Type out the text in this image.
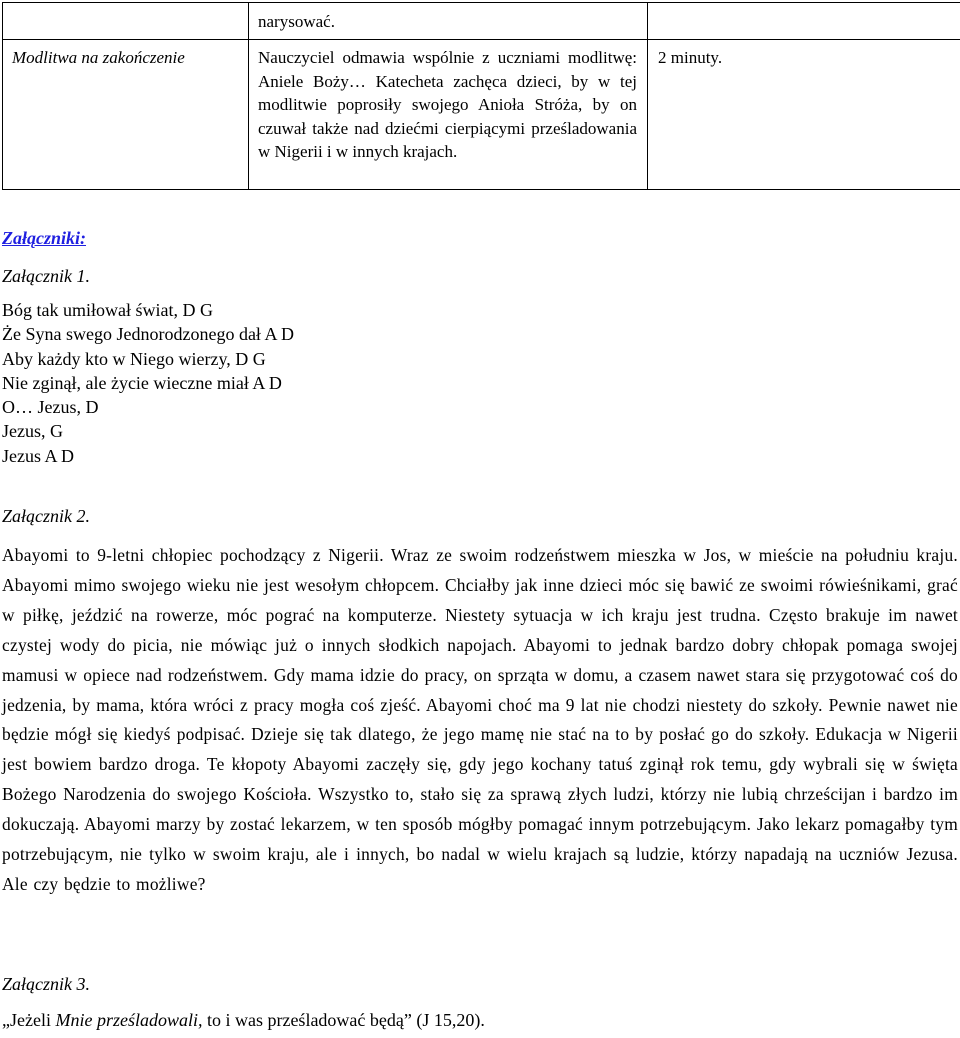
	narysować.	

Modlitwa na zakończenie	Nauczyciel odmawia wspólnie z uczniami modlitwę: Aniele Boży… Katecheta zachęca dzieci, by w tej modlitwie poprosiły swojego Anioła Stróża, by on czuwał także nad dziećmi cierpiącymi prześladowania w Nigerii i w innych krajach.	2 minuty.
Załączniki:
Załącznik 1.
Bóg tak umiłował świat, D G
Że Syna swego Jednorodzonego dał A D
Aby każdy kto w Niego wierzy, D G
Nie zginął, ale życie wieczne miał A D
O… Jezus, D
Jezus, G
Jezus A D
Załącznik 2.
Abayomi to 9-letni chłopiec pochodzący z Nigerii. Wraz ze swoim rodzeństwem mieszka w Jos, w mieście na południu kraju. Abayomi mimo swojego wieku nie jest wesołym chłopcem. Chciałby jak inne dzieci móc się bawić ze swoimi rówieśnikami, grać w piłkę, jeździć na rowerze, móc pograć na komputerze. Niestety sytuacja w ich kraju jest trudna. Często brakuje im nawet czystej wody do picia, nie mówiąc już o innych słodkich napojach. Abayomi to jednak bardzo dobry chłopak pomaga swojej mamusi w opiece nad rodzeństwem. Gdy mama idzie do pracy, on sprząta w domu, a czasem nawet stara się przygotować coś do jedzenia, by mama, która wróci z pracy mogła coś zjeść. Abayomi choć ma 9 lat nie chodzi niestety do szkoły. Pewnie nawet nie będzie mógł się kiedyś podpisać. Dzieje się tak dlatego, że jego mamę nie stać na to by posłać go do szkoły. Edukacja w Nigerii jest bowiem bardzo droga. Te kłopoty Abayomi zaczęły się, gdy jego kochany tatuś zginął rok temu, gdy wybrali się w święta Bożego Narodzenia do swojego Kościoła. Wszystko to, stało się za sprawą złych ludzi, którzy nie lubią chrześcijan i bardzo im dokuczają. Abayomi marzy by zostać lekarzem, w ten sposób mógłby pomagać innym potrzebującym. Jako lekarz pomagałby tym potrzebującym, nie tylko w swoim kraju, ale i innych, bo nadal w wielu krajach są ludzie, którzy napadają na uczniów Jezusa. Ale czy będzie to możliwe?
Załącznik 3.
„Jeżeli Mnie prześladowali, to i was prześladować będą” (J 15,20).
